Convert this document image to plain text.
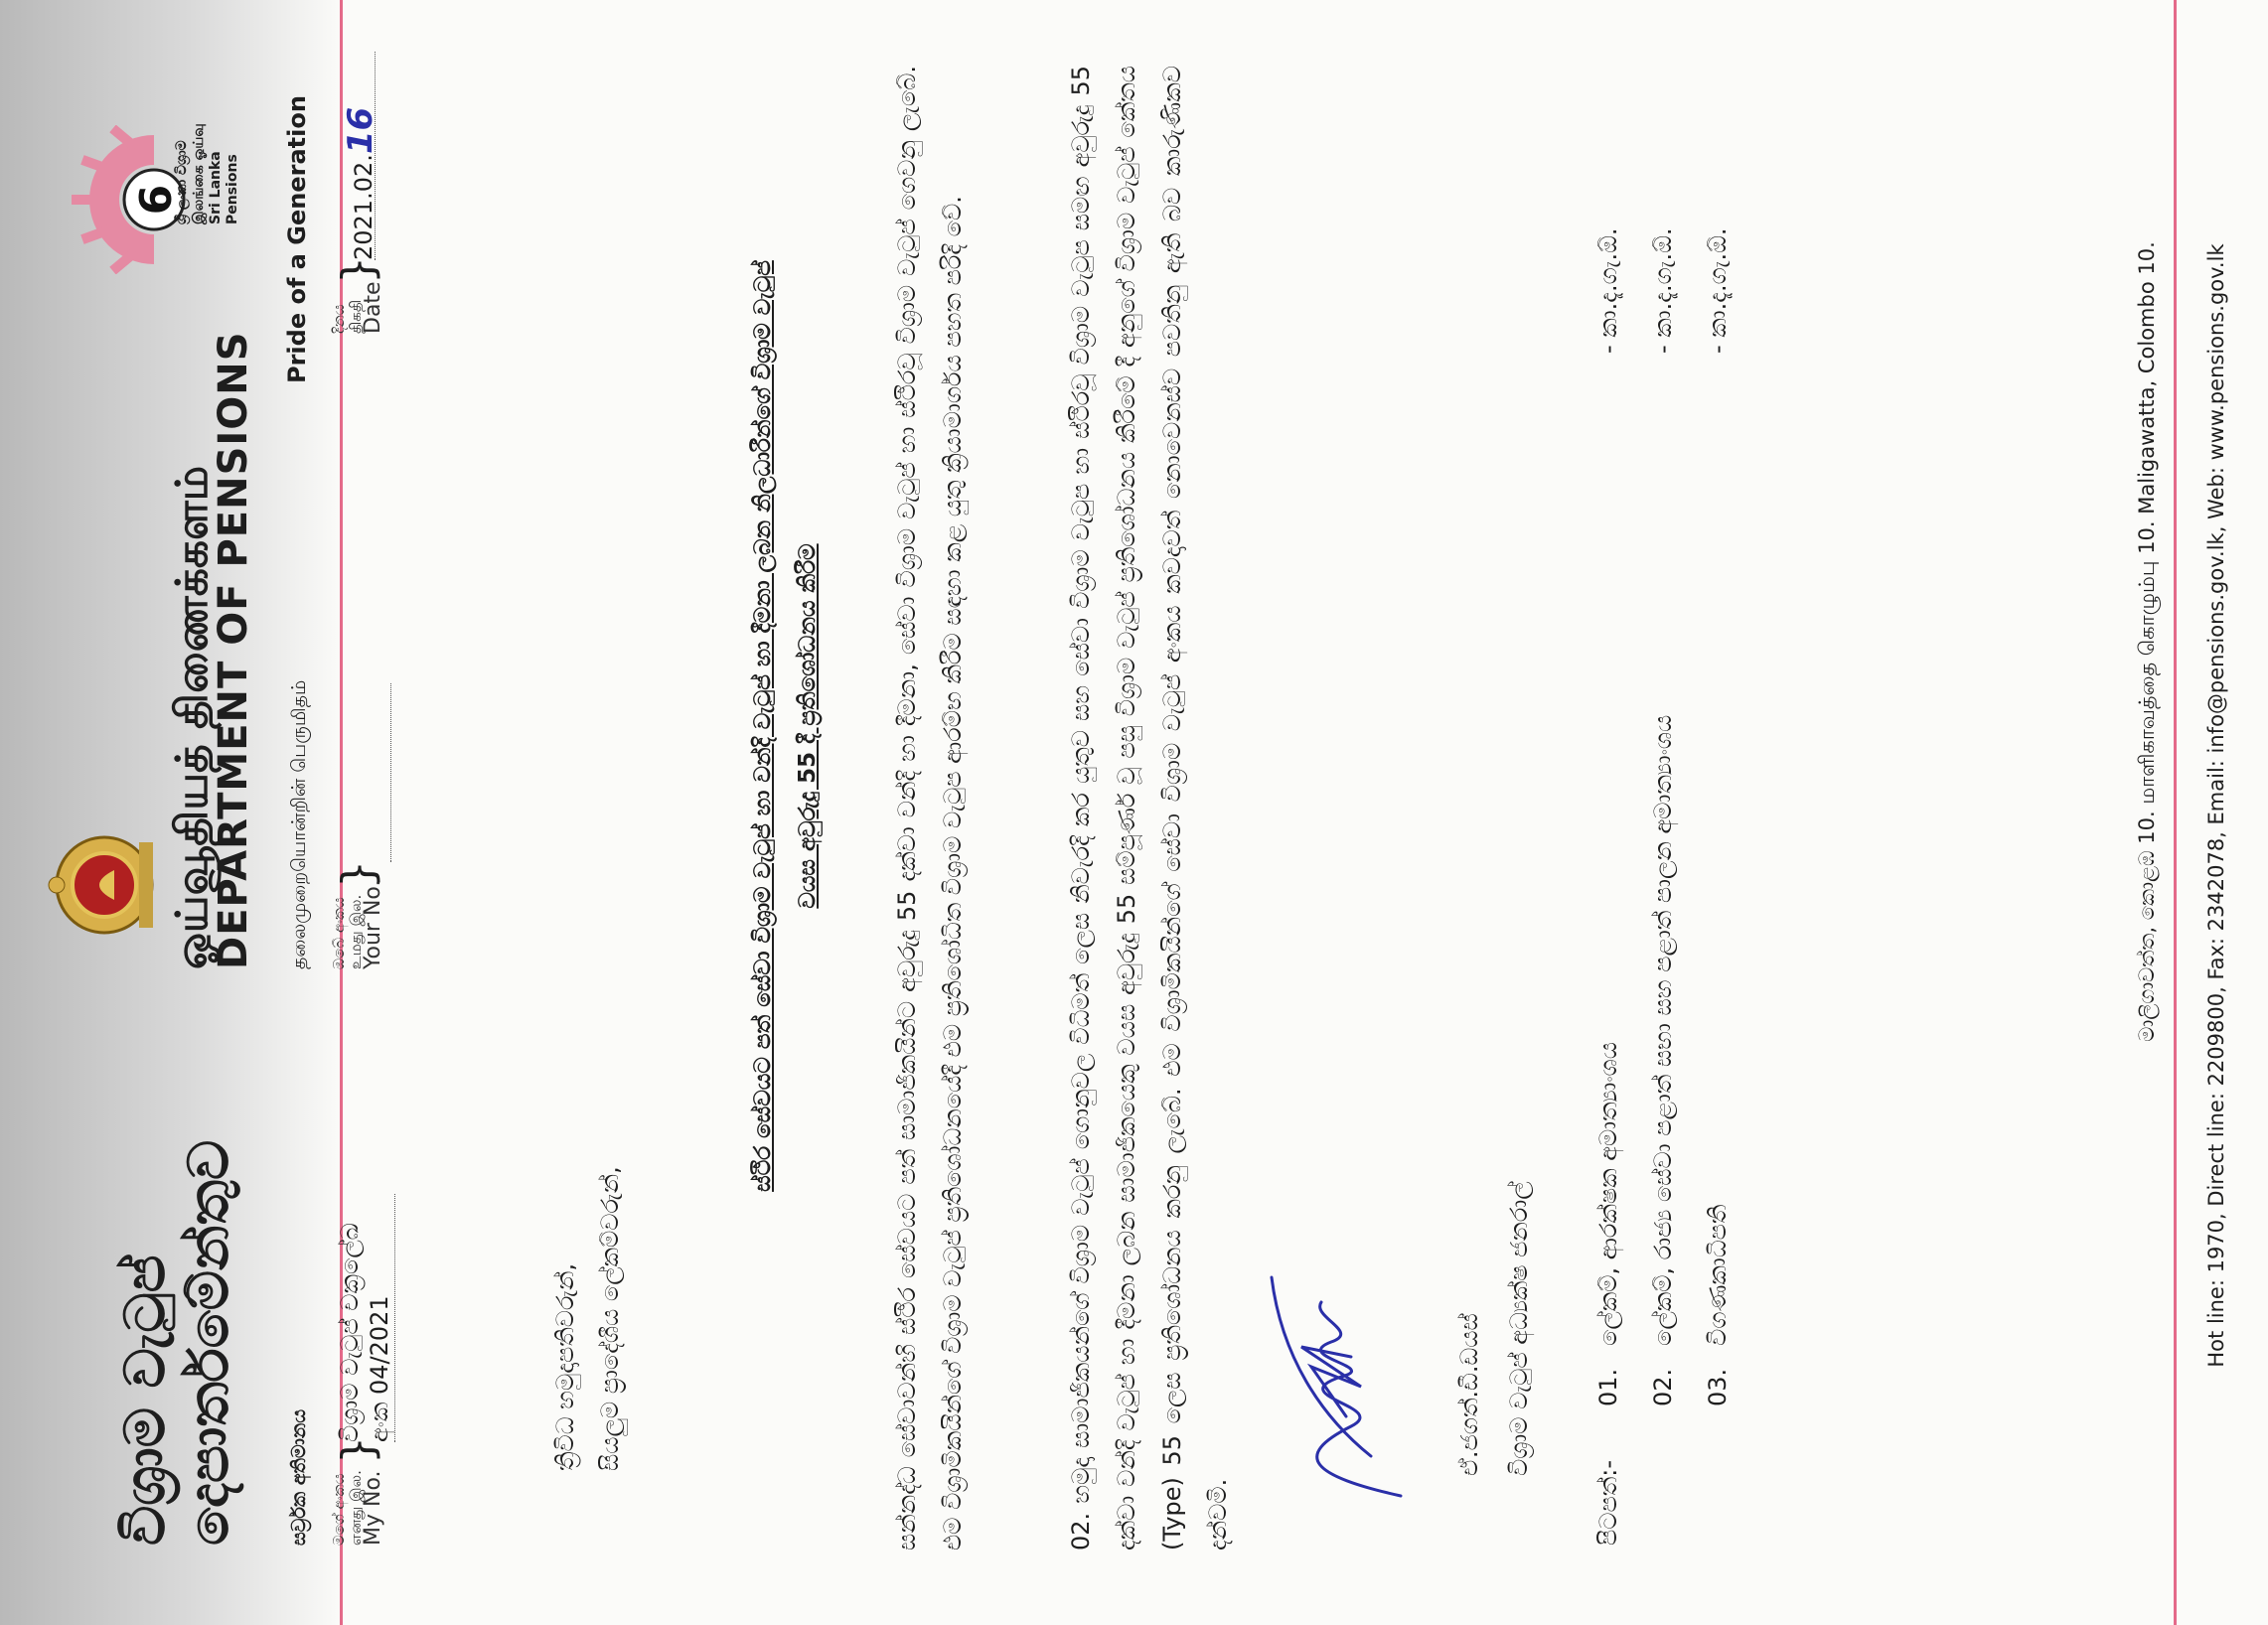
විශ්‍රාම වැටුප් දෙපාර්තමේන්තුව
ஓய்வூதியத் திணைக்களம்
DEPARTMENT OF PENSIONS
6
ශ්‍රී ලංකා විශ්‍රාම இலங்கை ஓய்வு Sri Lanka Pensions
සර්ව්‍රක අතිමානය
தலைமுறையொன்றின் பெருமிதம்
Pride of a Generation
මගේ අංකය எனது இல.
My No.
}
විශ්‍රාම වැටුප් චක්‍රලේඛ අංක 04/2021
ඔබේ අංකය உமது இல.
Your No.
}
දිනය திகதி
Date
}
2021.02.16
ත්‍රිවිධ හමුදාපතිවරුන්, සියලුම ප්‍රාදේශීය ලේකම්වරුන්,
ස්‍ථිර සේවයට පත් සේවා විශ්‍රාම වැටුප් හා වන්දි වැටුප් හා දීමනා ලබන නිලධාරීන්ගේ විශ්‍රාම වැටුප් වයස අවුරුදු 55 දී ප්‍රතිශෝධනය කිරීම	සන්නද්ධ සේවාවන්හි ස්‍ථිර සේවයට පත් සාමාජිකයින්ට අවුරුදු 55 දක්වා වන්දි හා දීමනා, සේවා විශ්‍රාම වැටුප් හා ස්‍ථිරවූ විශ්‍රාම වැටුප් ගෙවනු ලැබේ. එම විශ්‍රාමිකයින්ගේ විශ්‍රාම වැටුප් ප්‍රතිශෝධනයේදී එම ප්‍රතිශෝධිත විශ්‍රාම වැටුප ආරම්භ කිරීම සඳහා කළ යුතු ක්‍රියාමාර්ගය පහත පරිදි වේ.	02. හමුදා සාමාජිකයන්ගේ විශ්‍රාම වැටුප් ගොනුවල විධිමත් ලෙස නිවැරදි කර යුතුව සහ සේවා විශ්‍රාම වැටුප හා ස්‍ථිරවූ විශ්‍රාම වැටුප සමඟ අවුරුදු 55 දක්වා වන්දි වැටුප් හා දීමනා ලබන සාමාජිකයෙකු වයස අවුරුදු 55 සම්පූර්ණ වූ පසු විශ්‍රාම වැටුප් ප්‍රතිශෝධනය කිරීමේ දී අනුගේ විශ්‍රාම වැටුප් කේතය (Type) 55 ලෙස ප්‍රතිශෝධනය කරනු ලැබේ. එම විශ්‍රාමිකයින්ගේ සේවා විශ්‍රාම වැටුප් අංකය කවදාවත් නොවෙනස්ව පවතිනු ඇති බව කාරුණිකව දන්වමි.
ඒ.ජගත්.ඩී.ඩයස් විශ්‍රාම වැටුප් අධ්‍යක්ෂ ජනරාල්
පිටපත්:-
01.   ලේකම්, ආරක්ෂක අමාත්‍යාංශය
- කා.දැ.ගැ.ඕ.
02.   ලේකම්, රාජ්‍ය සේවා පළාත් සභා සහ පළාත් පාලන අමාත්‍යාංශය
- කා.දැ.ගැ.ඕ.
03.   විගණකාධිපති
- කා.දැ.ගැ.ඕ.	මාලිගාවත්ත, කොළඹ 10. மாளிகாவத்தை கொழும்பு 10. Maligawatta, Colombo 10. Hot line: 1970, Direct line: 2209800, Fax: 2342078, Email: info@pensions.gov.lk, Web: www.pensions.gov.lk
